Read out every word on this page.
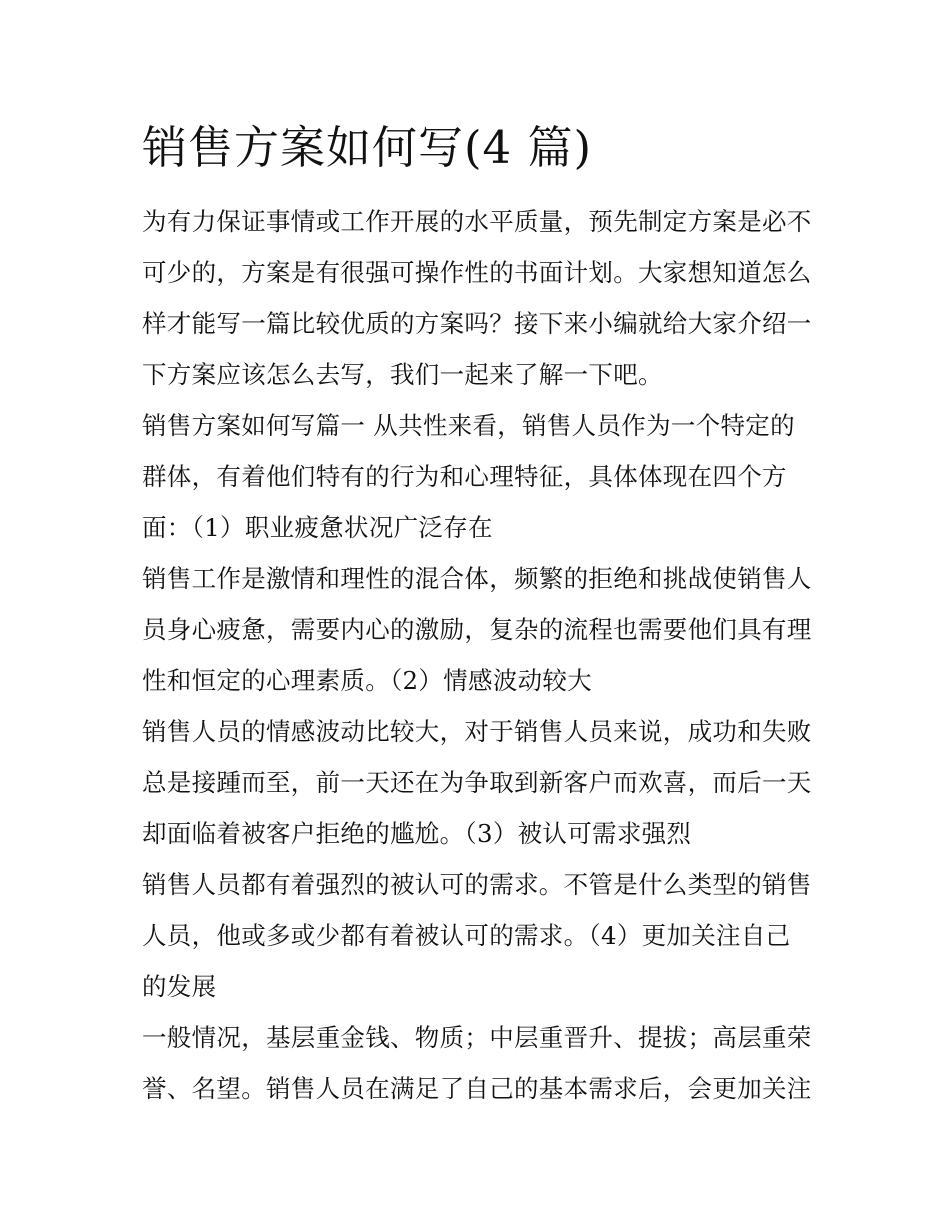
销售方案如何写(4 篇)
为有力保证事情或工作开展的水平质量，预先制定方案是必不
可少的，方案是有很强可操作性的书面计划。大家想知道怎么
样才能写一篇比较优质的方案吗？接下来小编就给大家介绍一
下方案应该怎么去写，我们一起来了解一下吧。
销售方案如何写篇一 从共性来看，销售人员作为一个特定的
群体，有着他们特有的行为和心理特征，具体体现在四个方
面：（1）职业疲惫状况广泛存在
销售工作是激情和理性的混合体，频繁的拒绝和挑战使销售人
员身心疲惫，需要内心的激励，复杂的流程也需要他们具有理
性和恒定的心理素质。（2）情感波动较大
销售人员的情感波动比较大，对于销售人员来说，成功和失败
总是接踵而至，前一天还在为争取到新客户而欢喜，而后一天
却面临着被客户拒绝的尴尬。（3）被认可需求强烈
销售人员都有着强烈的被认可的需求。不管是什么类型的销售
人员，他或多或少都有着被认可的需求。（4）更加关注自己
的发展
一般情况，基层重金钱、物质；中层重晋升、提拔；高层重荣
誉、名望。销售人员在满足了自己的基本需求后，会更加关注
